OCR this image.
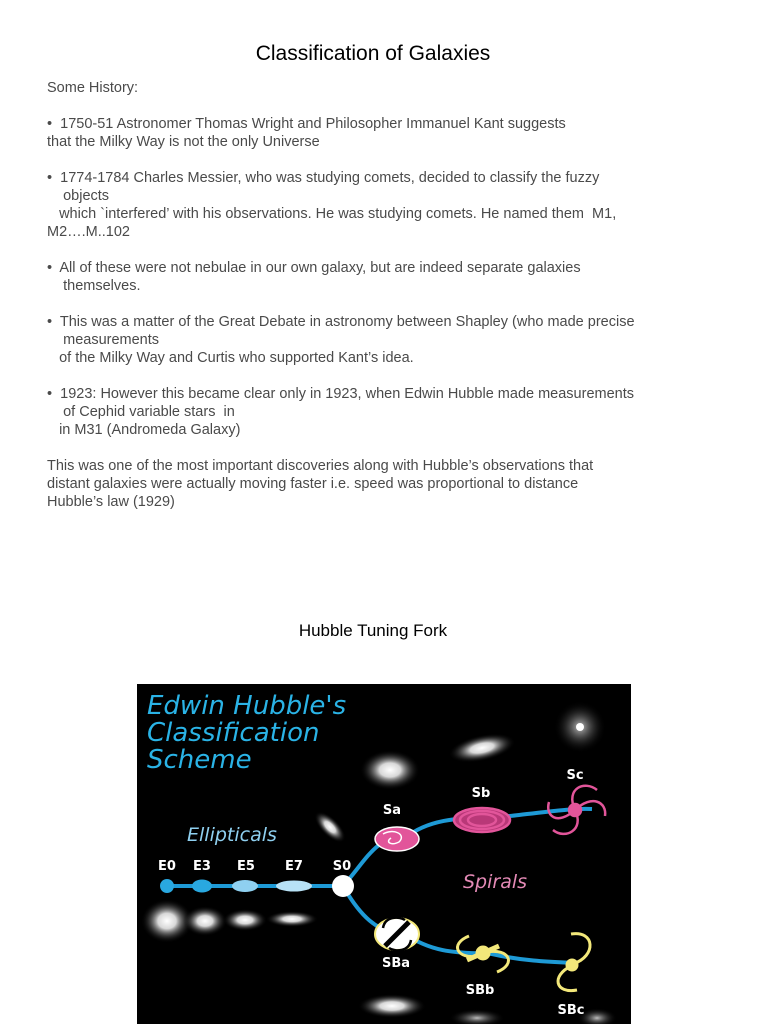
Classification of Galaxies
Some History:
•  1750-51 Astronomer Thomas Wright and Philosopher Immanuel Kant suggests
that the Milky Way is not the only Universe
•  1774-1784 Charles Messier, who was studying comets, decided to classify the fuzzy
objects
which `interfered’ with his observations. He was studying comets. He named them  M1,
M2….M..102
•  All of these were not nebulae in our own galaxy, but are indeed separate galaxies
themselves.
•  This was a matter of the Great Debate in astronomy between Shapley (who made precise
measurements
of the Milky Way and Curtis who supported Kant’s idea.
•  1923: However this became clear only in 1923, when Edwin Hubble made measurements
of Cephid variable stars  in
in M31 (Andromeda Galaxy)
This was one of the most important discoveries along with Hubble’s observations that
distant galaxies were actually moving faster i.e. speed was proportional to distance
Hubble’s law (1929)
Hubble Tuning Fork
Edwin Hubble's
Classification
Scheme
E0 E3 E5 E7 S0
Sa
Sb
Sc
SBa
SBb
SBc
Ellipticals
Spirals
